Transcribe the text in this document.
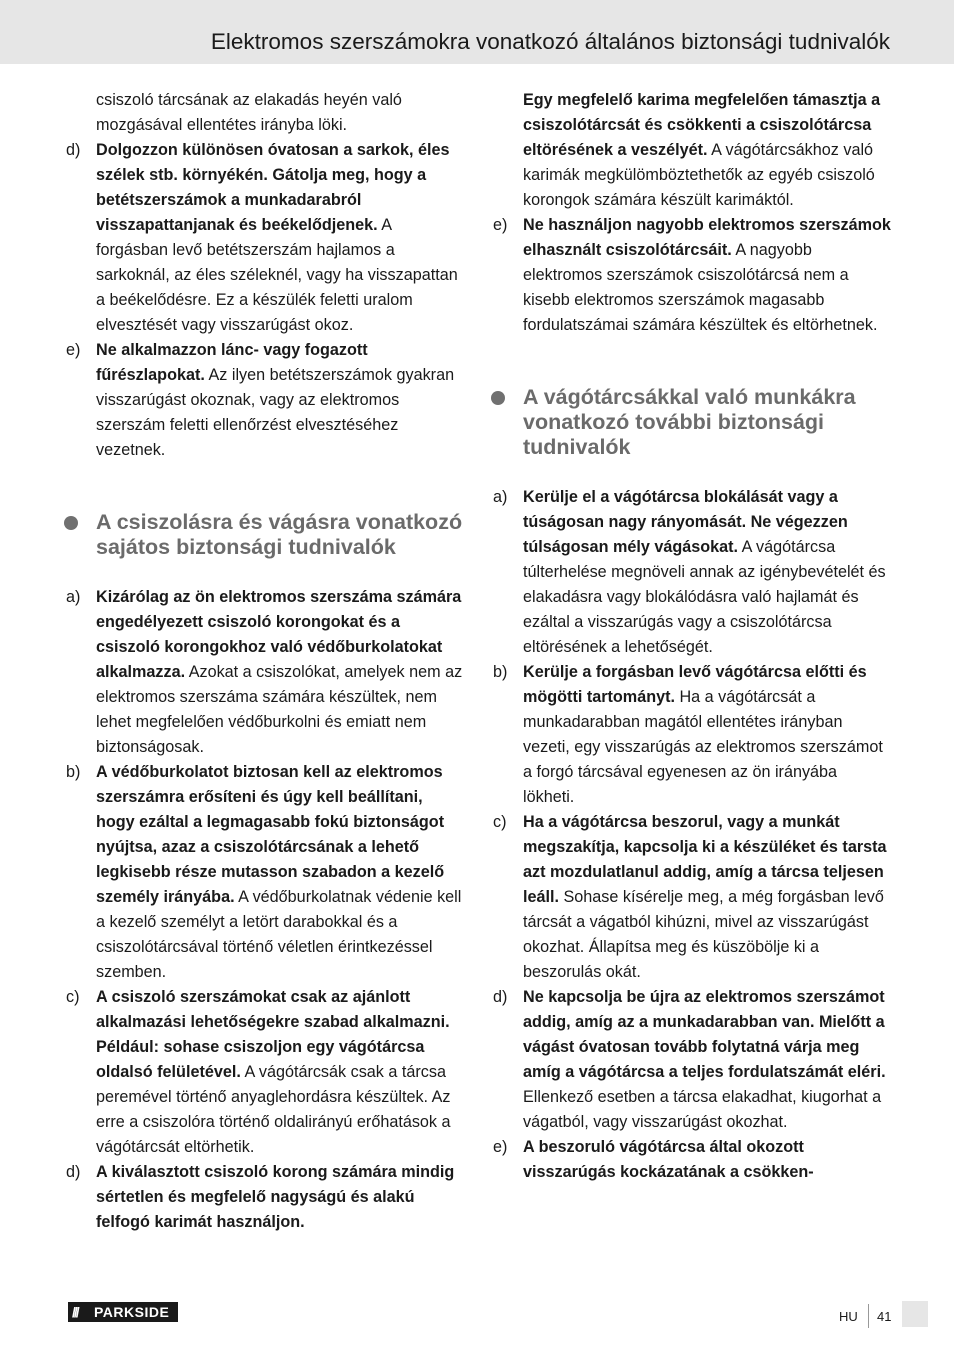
Elektromos szerszámokra vonatkozó általános biztonsági tudnivalók

csiszoló tárcsának az elakadás heyén való mozgásával ellentétes irányba löki.

d) Dolgozzon különösen óvatosan a sarkok, éles szélek stb. környékén. Gátolja meg, hogy a betétszerszámok a munkadarabról visszapattanjanak és beékelődjenek. A forgásban levő betétszerszám hajlamos a sarkoknál, az éles széleknél, vagy ha visszapattan a beékelődésre. Ez a készülék feletti uralom elvesztését vagy visszarúgást okoz.
e) Ne alkalmazzon lánc- vagy fogazott fűrészlapokat. Az ilyen betétszerszámok gyakran visszarúgást okoznak, vagy az elektromos szerszám feletti ellenőrzést elvesztéséhez vezetnek.
A csiszolásra és vágásra vonatkozó sajátos biztonsági tudnivalók
a) Kizárólag az ön elektromos szerszáma számára engedélyezett csiszoló korongokat és a csiszoló korongokhoz való védőburkolatokat alkalmazza. Azokat a csiszolókat, amelyek nem az elektromos szerszáma számára készültek, nem lehet megfelelően védőburkolni és emiatt nem biztonságosak.
b) A védőburkolatot biztosan kell az elektromos szerszámra erősíteni és úgy kell beállítani, hogy ezáltal a legmagasabb fokú biztonságot nyújtsa, azaz a csiszolótárcsának a lehető legkisebb része mutasson szabadon a kezelő személy irányába. A védőburkolatnak védenie kell a kezelő személyt a letört darabokkal és a csiszolótárcsával történő véletlen érintkezéssel szemben.
c) A csiszoló szerszámokat csak az ajánlott alkalmazási lehetőségekre szabad alkalmazni. Például: sohase csiszoljon egy vágótárcsa oldalsó felületével. A vágótárcsák csak a tárcsa peremével történő anyaglehordásra készültek. Az erre a csiszolóra történő oldalirányú erőhatások a vágótárcsát eltörhetik.
d) A kiválasztott csiszoló korong számára mindig sértetlen és megfelelő nagyságú és alakú felfogó karimát használjon.

Egy megfelelő karima megfelelően támasztja a csiszolótárcsát és csökkenti a csiszolótárcsa eltörésének a veszélyét. A vágótárcsákhoz való karimák megkülömböztethetők az egyéb csiszoló korongok számára készült karimáktól.

e) Ne használjon nagyobb elektromos szerszámok elhasznált csiszolótárcsáit. A nagyobb elektromos szerszámok csiszolótárcsá nem a kisebb elektromos szerszámok magasabb fordulatszámai számára készültek és eltörhetnek.
A vágótárcsákkal való munkákra vonatkozó további biztonsági tudnivalók
a) Kerülje el a vágótárcsa blokálását vagy a túságosan nagy rányomását. Ne végezzen túlságosan mély vágásokat. A vágótárcsa túlterhelése megnöveli annak az igénybevételét és elakadásra vagy blokálódásra való hajlamát és ezáltal a visszarúgás vagy a csiszolótárcsa eltörésének a lehetőségét.
b) Kerülje a forgásban levő vágótárcsa előtti és mögötti tartományt. Ha a vágótárcsát a munkadarabban magától ellentétes irányban vezeti, egy visszarúgás az elektromos szerszámot a forgó tárcsával egyenesen az ön irányába lökheti.
c) Ha a vágótárcsa beszorul, vagy a munkát megszakítja, kapcsolja ki a készüléket és tarsta azt mozdulatlanul addig, amíg a tárcsa teljesen leáll. Sohase kísérelje meg, a még forgásban levő tárcsát a vágatból kihúzni, mivel az visszarúgást okozhat. Állapítsa meg és küszöbölje ki a beszorulás okát.
d) Ne kapcsolja be újra az elektromos szerszámot addig, amíg az a munkadarabban van. Mielőtt a vágást óvatosan tovább folytatná várja meg amíg a vágótárcsa a teljes fordulatszámát eléri. Ellenkező esetben a tárcsa elakadhat, kiugorhat a vágatból, vagy visszarúgást okozhat.
e) A beszoruló vágótárcsa által okozott visszarúgás kockázatának a csökken-
/// PARKSIDE	HU 41
